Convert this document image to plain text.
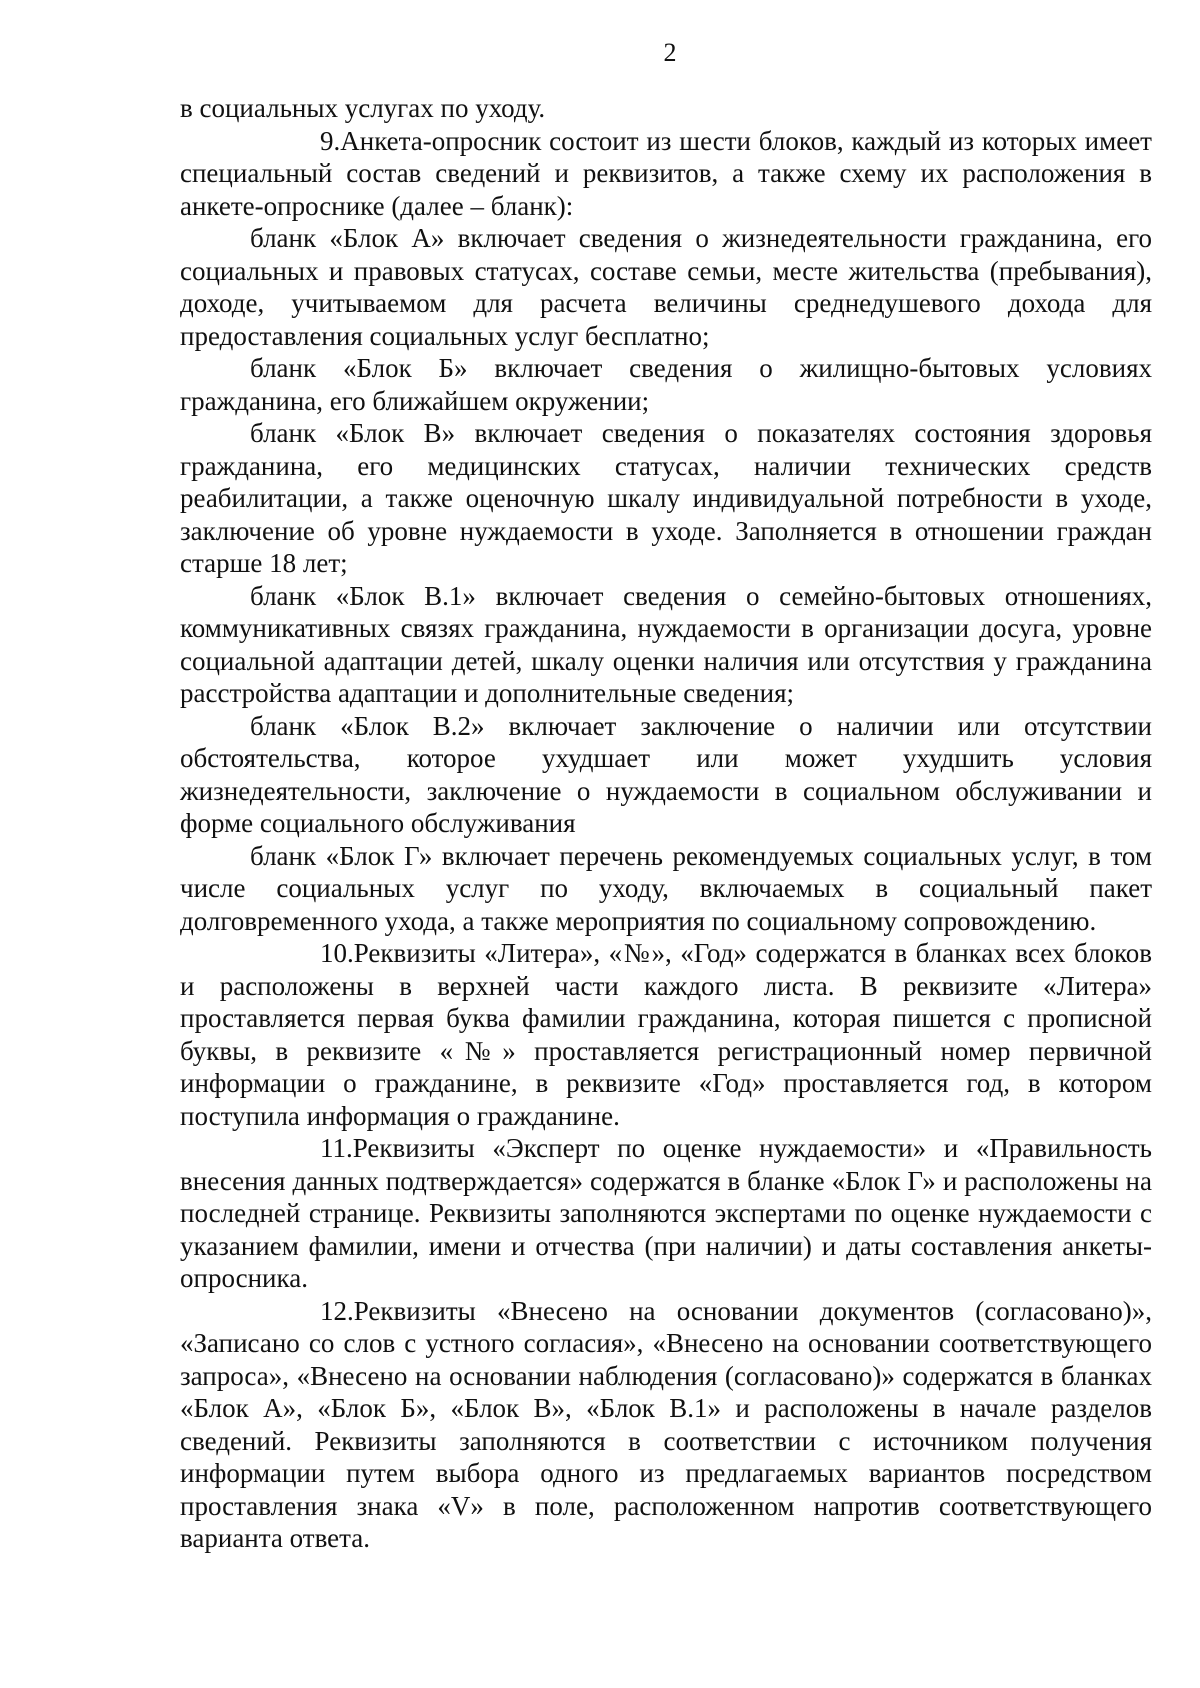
2

в социальных услугах по уходу.

9.Анкета-опросник состоит из шести блоков, каждый из которых имеет специальный состав сведений и реквизитов, а также схему их расположения в анкете-опроснике (далее – бланк):

бланк «Блок А» включает сведения о жизнедеятельности гражданина, его социальных и правовых статусах, составе семьи, месте жительства (пребывания), доходе, учитываемом для расчета величины среднедушевого дохода для предоставления социальных услуг бесплатно;

бланк «Блок Б» включает сведения о жилищно-бытовых условиях гражданина, его ближайшем окружении;

бланк «Блок В» включает сведения о показателях состояния здоровья гражданина, его медицинских статусах, наличии технических средств реабилитации, а также оценочную шкалу индивидуальной потребности в уходе, заключение об уровне нуждаемости в уходе. Заполняется в отношении граждан старше 18 лет;

бланк «Блок В.1» включает сведения о семейно-бытовых отношениях, коммуникативных связях гражданина, нуждаемости в организации досуга, уровне социальной адаптации детей, шкалу оценки наличия или отсутствия у гражданина расстройства адаптации и дополнительные сведения;

бланк «Блок В.2» включает заключение о наличии или отсутствии обстоятельства, которое ухудшает или может ухудшить условия жизнедеятельности, заключение о нуждаемости в социальном обслуживании и форме социального обслуживания

бланк «Блок Г» включает перечень рекомендуемых социальных услуг, в том числе социальных услуг по уходу, включаемых в социальный пакет долговременного ухода, а также мероприятия по социальному сопровождению.

10.Реквизиты «Литера», «№», «Год» содержатся в бланках всех блоков и расположены в верхней части каждого листа. В реквизите «Литера» проставляется первая буква фамилии гражданина, которая пишется с прописной буквы, в реквизите «№» проставляется регистрационный номер первичной информации о гражданине, в реквизите «Год» проставляется год, в котором поступила информация о гражданине.

11.Реквизиты «Эксперт по оценке нуждаемости» и «Правильность внесения данных подтверждается» содержатся в бланке «Блок Г» и расположены на последней странице. Реквизиты заполняются экспертами по оценке нуждаемости с указанием фамилии, имени и отчества (при наличии) и даты составления анкеты-опросника.

12.Реквизиты «Внесено на основании документов (согласовано)», «Записано со слов с устного согласия», «Внесено на основании соответствующего запроса», «Внесено на основании наблюдения (согласовано)» содержатся в бланках «Блок А», «Блок Б», «Блок В», «Блок В.1» и расположены в начале разделов сведений. Реквизиты заполняются в соответствии с источником получения информации путем выбора одного из предлагаемых вариантов посредством проставления знака «V» в поле, расположенном напротив соответствующего варианта ответа.
